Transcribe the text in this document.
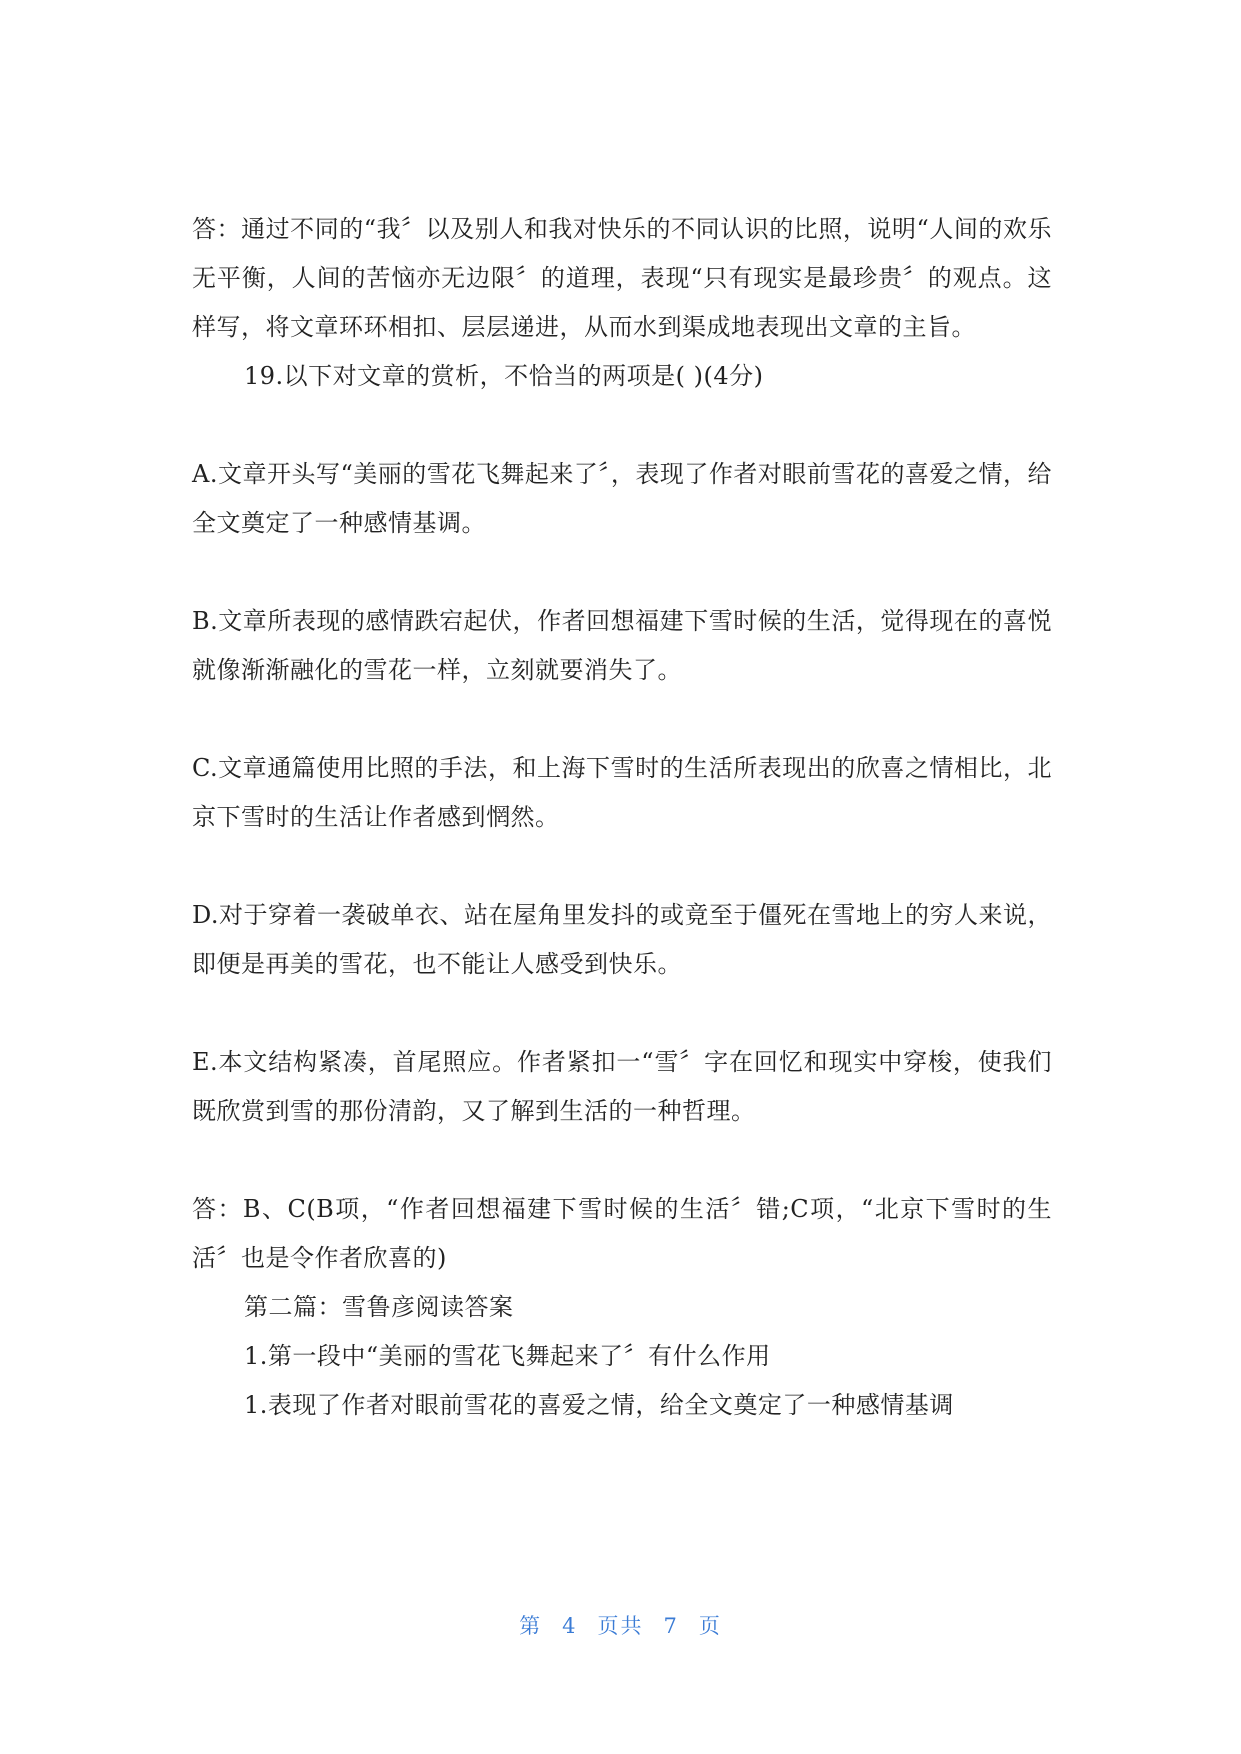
答：通过不同的“我〞以及别人和我对快乐的不同认识的比照，说明“人间的欢乐无平衡，人间的苦恼亦无边限〞的道理，表现“只有现实是最珍贵〞的观点。这样写，将文章环环相扣、层层递进，从而水到渠成地表现出文章的主旨。

19.以下对文章的赏析，不恰当的两项是( )(4分)

A.文章开头写“美丽的雪花飞舞起来了〞，表现了作者对眼前雪花的喜爱之情，给全文奠定了一种感情基调。

B.文章所表现的感情跌宕起伏，作者回想福建下雪时候的生活，觉得现在的喜悦就像渐渐融化的雪花一样，立刻就要消失了。

C.文章通篇使用比照的手法，和上海下雪时的生活所表现出的欣喜之情相比，北京下雪时的生活让作者感到惘然。

D.对于穿着一袭破单衣、站在屋角里发抖的或竟至于僵死在雪地上的穷人来说，即便是再美的雪花，也不能让人感受到快乐。

E.本文结构紧凑，首尾照应。作者紧扣一“雪〞字在回忆和现实中穿梭，使我们既欣赏到雪的那份清韵，又了解到生活的一种哲理。

答：B、C(B项，“作者回想福建下雪时候的生活〞错;C项，“北京下雪时的生活〞也是令作者欣喜的)

第二篇：雪鲁彦阅读答案

1.第一段中“美丽的雪花飞舞起来了〞有什么作用

1.表现了作者对眼前雪花的喜爱之情，给全文奠定了一种感情基调

第 4 页共 7 页
